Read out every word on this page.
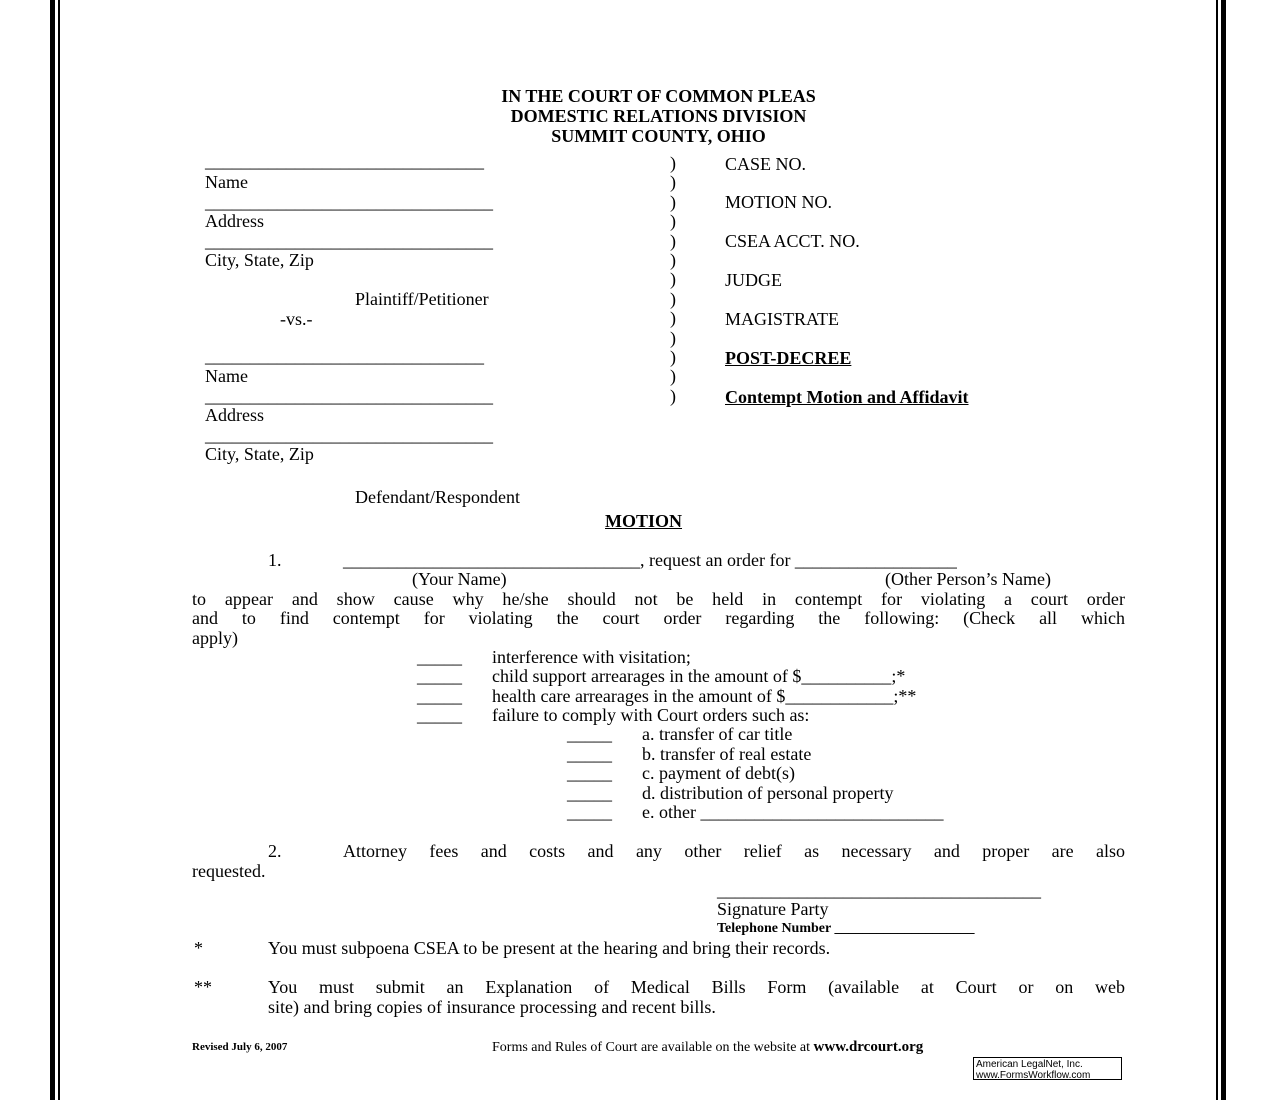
IN THE COURT OF COMMON PLEAS
DOMESTIC RELATIONS DIVISION
SUMMIT COUNTY, OHIO
_______________________________
Name
________________________________
Address
________________________________
City, State, Zip
Plaintiff/Petitioner
-vs.-
_______________________________
Name
________________________________
Address
________________________________
City, State, Zip
Defendant/Respondent
)
)
)
)
)
)
)
)
)
)
)
)
)
CASE NO.
MOTION NO.
CSEA ACCT. NO.
JUDGE
MAGISTRATE
POST-DECREE
Contempt Motion and Affidavit
MOTION
1.	_________________________________, request an order for __________________
(Your Name)	(Other Person’s Name)
to appear and show cause why he/she should not be held in contempt for violating a court order
and to find contempt for violating the court order regarding the following: (Check all which
apply)
_____ interference with visitation;
_____ child support arrearages in the amount of $__________;*
_____ health care arrearages in the amount of $____________;**
_____ failure to comply with Court orders such as:
_____ a. transfer of car title
_____ b. transfer of real estate
_____ c. payment of debt(s)
_____ d. distribution of personal property
_____ e. other ___________________________
2.	Attorney fees and costs and any other relief as necessary and proper are also
requested.
____________________________________
Signature Party
Telephone Number ____________________
*	You must subpoena CSEA to be present at the hearing and bring their records.
**	You must submit an Explanation of Medical Bills Form (available at Court or on web
site) and bring copies of insurance processing and recent bills.
Revised July 6, 2007	Forms and Rules of Court are available on the website at www.drcourt.org
American LegalNet, Inc.
www.FormsWorkflow.com
